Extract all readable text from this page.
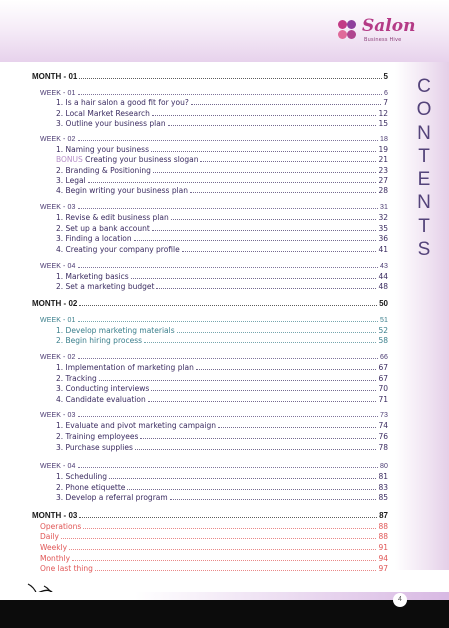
Salon
Business Hive
C
O
N
T
E
N
T
S
MONTH - 01	5
WEEK - 01	6
1. Is a hair salon a good fit for you?	7
2. Local Market Research	12
3. Outline your business plan	15
WEEK - 02	18
1. Naming your business	19
BONUS Creating your business slogan	21
2. Branding & Positioning	23
3. Legal	27
4. Begin writing your business plan	28
WEEK - 03	31
1. Revise & edit business plan	32
2. Set up a bank account	35
3. Finding a location	36
4. Creating your company profile	41
WEEK - 04	43
1. Marketing basics	44
2. Set a marketing budget	48
MONTH - 02	50
WEEK - 01	51
1. Develop marketing materials	52
2. Begin hiring process	58
WEEK - 02	66
1. Implementation of marketing plan	67
2. Tracking	67
3. Conducting interviews	70
4. Candidate evaluation	71
WEEK - 03	73
1. Evaluate and pivot marketing campaign	74
2. Training employees	76
3. Purchase supplies	78
WEEK - 04	80
1. Scheduling	81
2. Phone etiquette	83
3. Develop a referral program	85
MONTH - 03	87
Operations	88
Daily	88
Weekly	91
Monthly	94
One last thing	97
4
